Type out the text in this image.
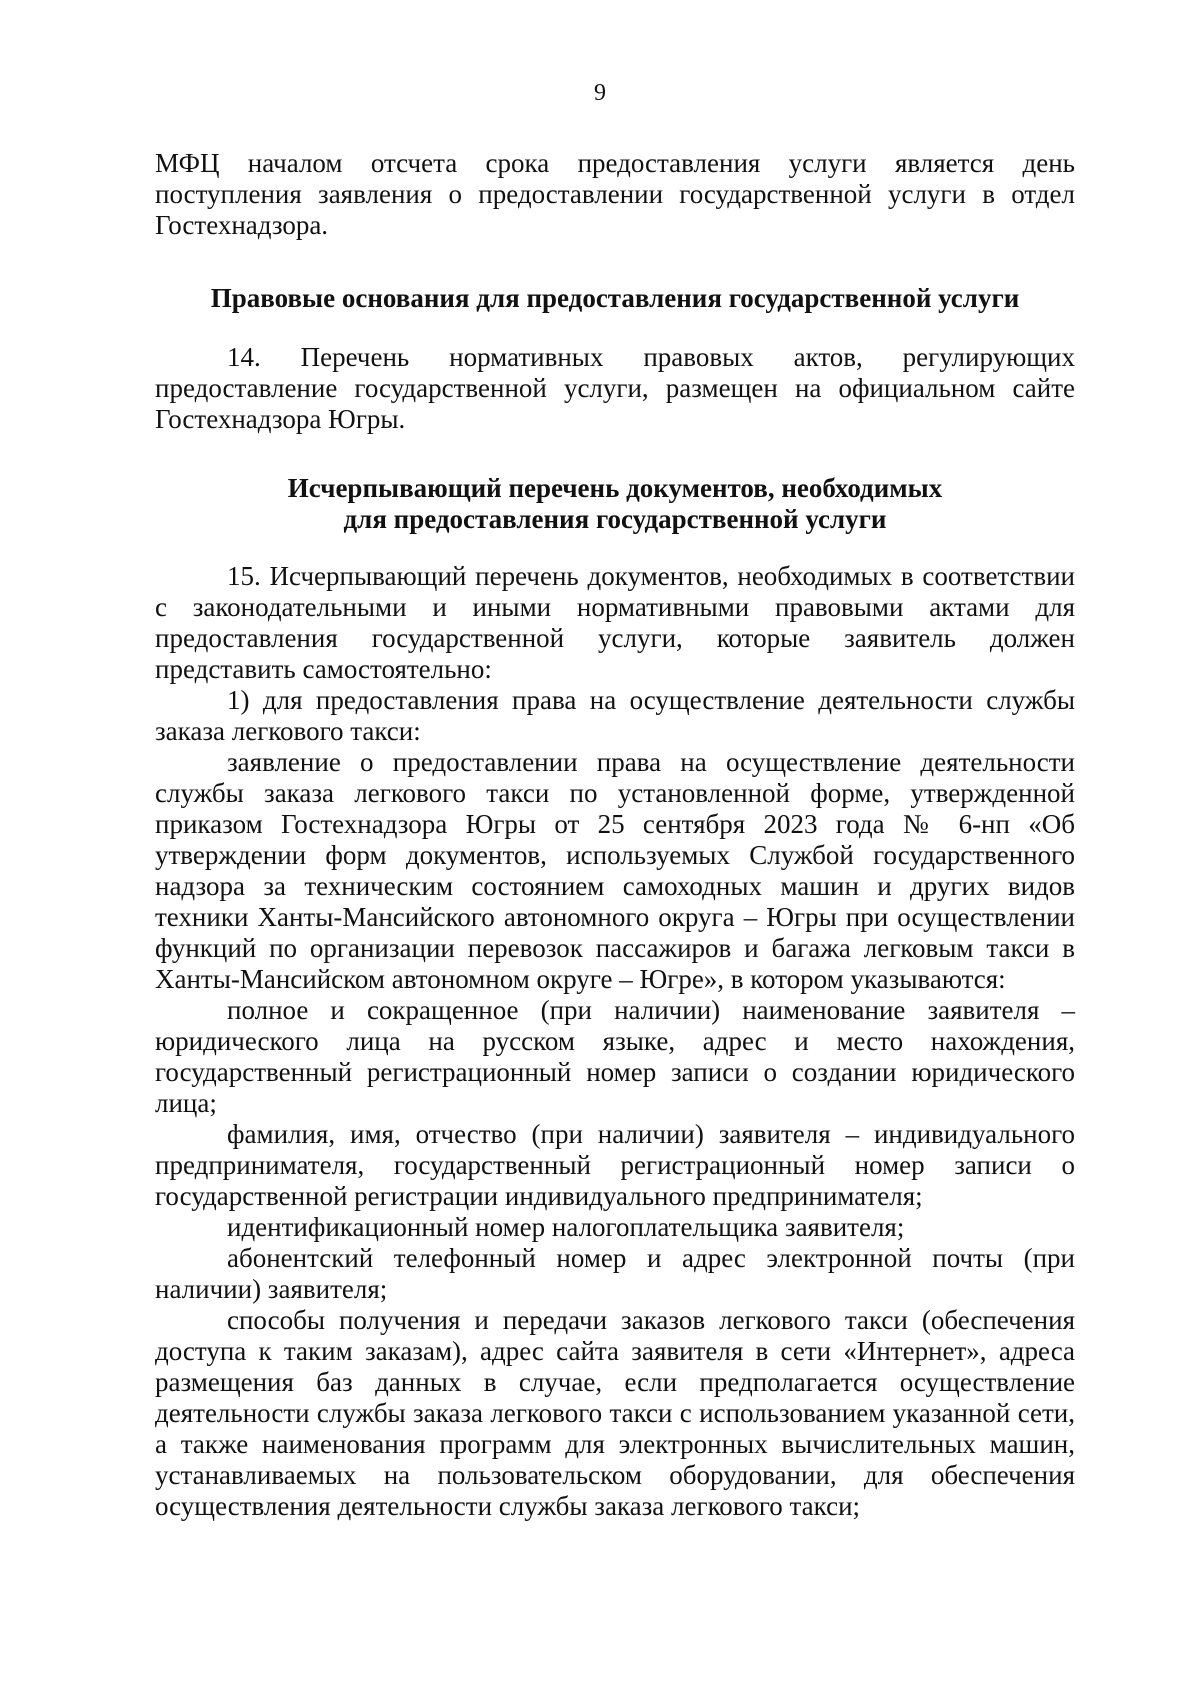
9

МФЦ началом отсчета срока предоставления услуги является день поступления заявления о предоставлении государственной услуги в отдел Гостехнадзора.

Правовые основания для предоставления государственной услуги

14. Перечень нормативных правовых актов, регулирующих предоставление государственной услуги, размещен на официальном сайте Гостехнадзора Югры.

Исчерпывающий перечень документов, необходимых
для предоставления государственной услуги

15. Исчерпывающий перечень документов, необходимых в соответствии с законодательными и иными нормативными правовыми актами для предоставления государственной услуги, которые заявитель должен представить самостоятельно:

1) для предоставления права на осуществление деятельности службы заказа легкового такси:

заявление о предоставлении права на осуществление деятельности службы заказа легкового такси по установленной форме, утвержденной приказом Гостехнадзора Югры от 25 сентября 2023 года № 6-нп «Об утверждении форм документов, используемых Службой государственного надзора за техническим состоянием самоходных машин и других видов техники Ханты-Мансийского автономного округа – Югры при осуществлении функций по организации перевозок пассажиров и багажа легковым такси в Ханты-Мансийском автономном округе – Югре», в котором указываются:

полное и сокращенное (при наличии) наименование заявителя – юридического лица на русском языке, адрес и место нахождения, государственный регистрационный номер записи о создании юридического лица;

фамилия, имя, отчество (при наличии) заявителя – индивидуального предпринимателя, государственный регистрационный номер записи о государственной регистрации индивидуального предпринимателя;

идентификационный номер налогоплательщика заявителя;

абонентский телефонный номер и адрес электронной почты (при наличии) заявителя;

способы получения и передачи заказов легкового такси (обеспечения доступа к таким заказам), адрес сайта заявителя в сети «Интернет», адреса размещения баз данных в случае, если предполагается осуществление деятельности службы заказа легкового такси с использованием указанной сети, а также наименования программ для электронных вычислительных машин, устанавливаемых на пользовательском оборудовании, для обеспечения осуществления деятельности службы заказа легкового такси;
